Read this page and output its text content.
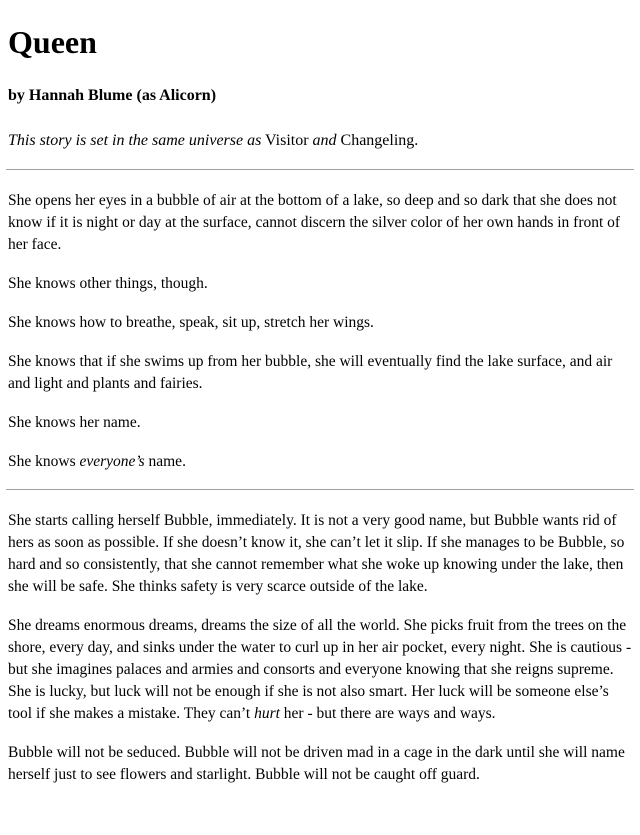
Queen
by Hannah Blume (as Alicorn)
This story is set in the same universe as Visitor and Changeling.

She opens her eyes in a bubble of air at the bottom of a lake, so deep and so dark that she does not know if it is night or day at the surface, cannot discern the silver color of her own hands in front of her face.

She knows other things, though.

She knows how to breathe, speak, sit up, stretch her wings.

She knows that if she swims up from her bubble, she will eventually find the lake surface, and air and light and plants and fairies.

She knows her name.

She knows everyone’s name.

She starts calling herself Bubble, immediately. It is not a very good name, but Bubble wants rid of hers as soon as possible. If she doesn’t know it, she can’t let it slip. If she manages to be Bubble, so hard and so consistently, that she cannot remember what she woke up knowing under the lake, then she will be safe. She thinks safety is very scarce outside of the lake.

She dreams enormous dreams, dreams the size of all the world. She picks fruit from the trees on the shore, every day, and sinks under the water to curl up in her air pocket, every night. She is cautious - but she imagines palaces and armies and consorts and everyone knowing that she reigns supreme. She is lucky, but luck will not be enough if she is not also smart. Her luck will be someone else’s tool if she makes a mistake. They can’t hurt her - but there are ways and ways.

Bubble will not be seduced. Bubble will not be driven mad in a cage in the dark until she will name herself just to see flowers and starlight. Bubble will not be caught off guard.
